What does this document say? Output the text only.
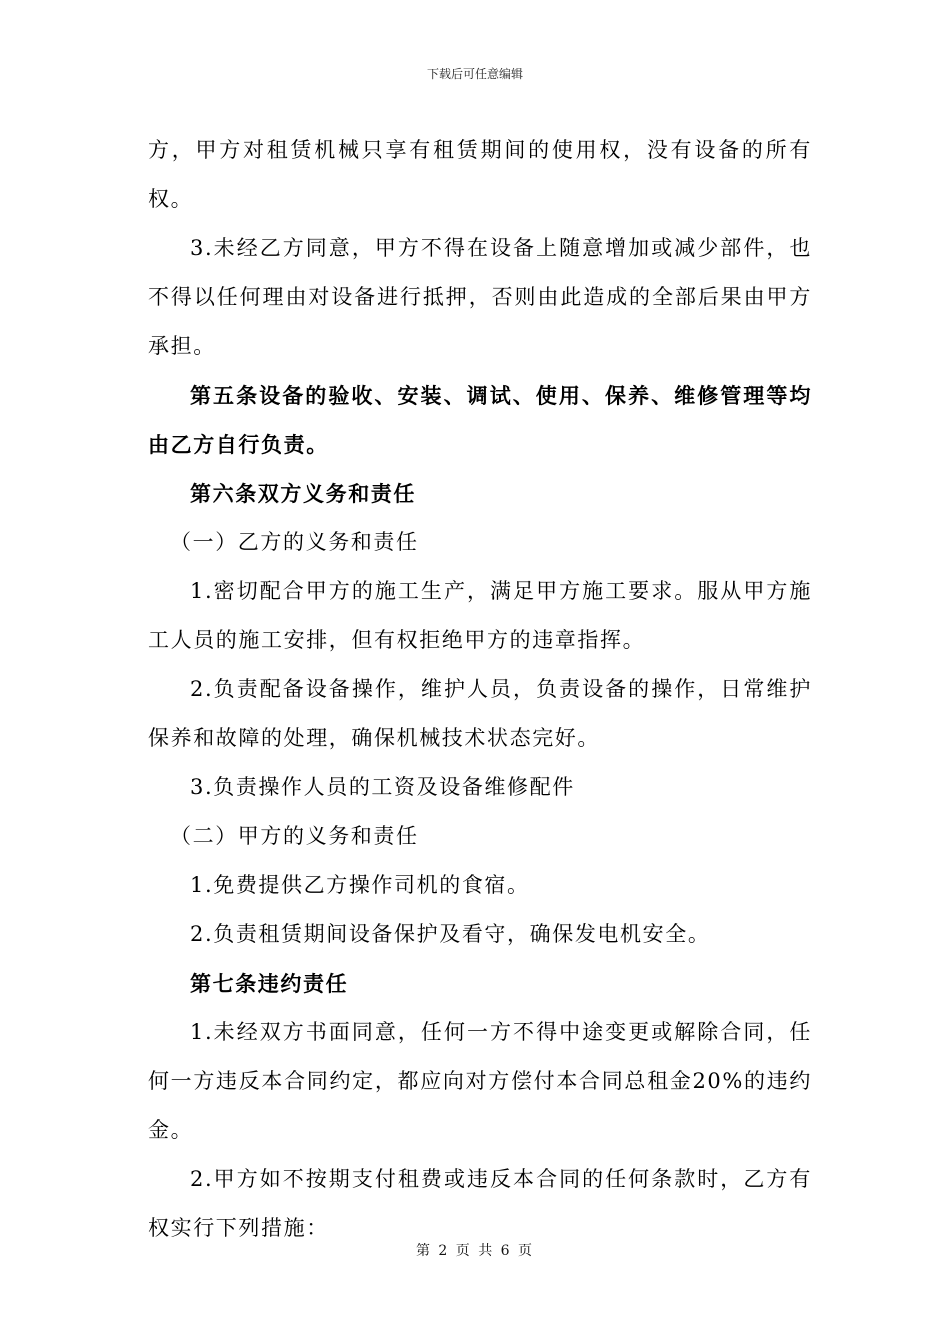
下载后可任意编辑

方，甲方对租赁机械只享有租赁期间的使用权，没有设备的所有权。

3.未经乙方同意，甲方不得在设备上随意增加或减少部件，也不得以任何理由对设备进行抵押，否则由此造成的全部后果由甲方承担。

第五条设备的验收、安装、调试、使用、保养、维修管理等均由乙方自行负责。

第六条双方义务和责任

（一）乙方的义务和责任

1.密切配合甲方的施工生产，满足甲方施工要求。服从甲方施工人员的施工安排，但有权拒绝甲方的违章指挥。

2.负责配备设备操作，维护人员，负责设备的操作，日常维护保养和故障的处理，确保机械技术状态完好。

3.负责操作人员的工资及设备维修配件

（二）甲方的义务和责任

1.免费提供乙方操作司机的食宿。

2.负责租赁期间设备保护及看守，确保发电机安全。

第七条违约责任

1.未经双方书面同意，任何一方不得中途变更或解除合同，任何一方违反本合同约定，都应向对方偿付本合同总租金20%的违约金。

2.甲方如不按期支付租费或违反本合同的任何条款时，乙方有权实行下列措施：

第 2 页 共 6 页
